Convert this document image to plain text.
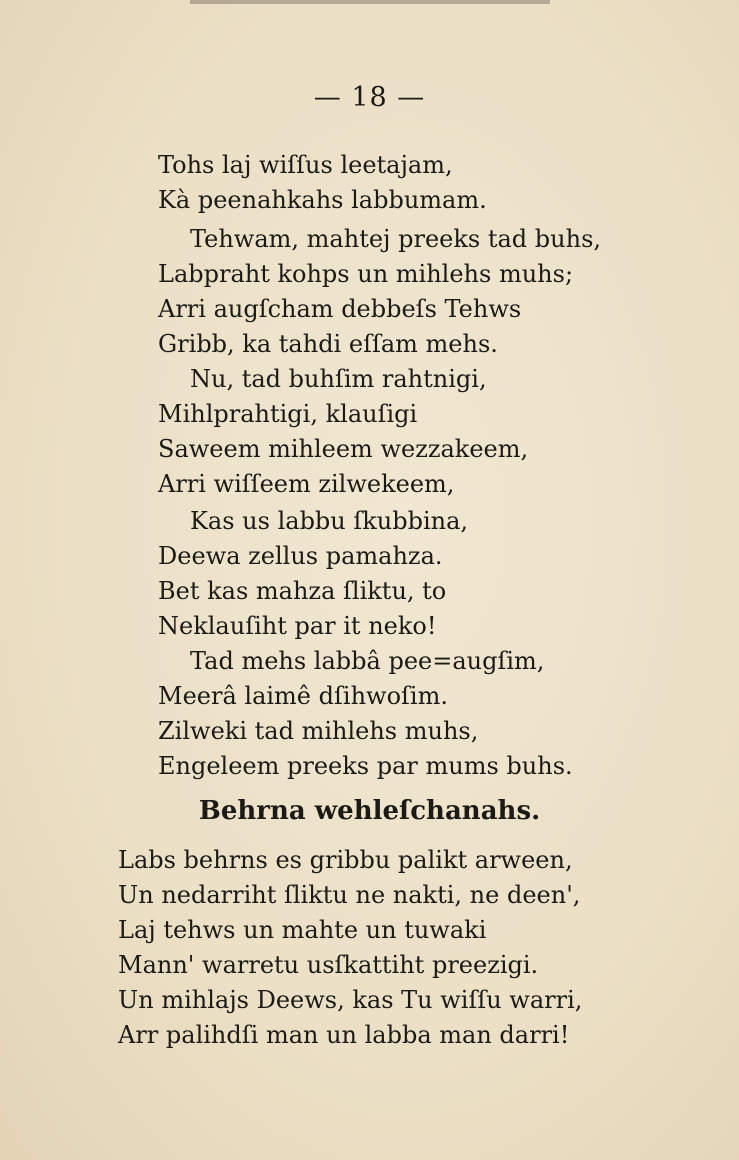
— 18 —
Tohs laj wiſſus leetajam,
Kà peenahkahs labbumam.
Tehwam, mahtej preeks tad buhs,
Labpraht kohps un mihlehs muhs;
Arri augſcham debbeſs Tehws
Gribb, ka tahdi eſſam mehs.
Nu, tad buhſim rahtnigi,
Mihlprahtigi, klauſigi
Saweem mihleem wezzakeem,
Arri wiſſeem zilwekeem,
Kas us labbu ſkubbina,
Deewa zellus pamahza.
Bet kas mahza ſliktu, to
Neklauſiht par it neko!
Tad mehs labbâ pee=augſim,
Meerâ laimê dſihwoſim.
Zilweki tad mihlehs muhs,
Engeleem preeks par mums buhs.
Behrna wehleſchanahs.
Labs behrns es gribbu palikt arween,
Un nedarriht ſliktu ne nakti, ne deen',
Laj tehws un mahte un tuwaki
Mann' warretu usſkattiht preezigi.
Un mihlajs Deews, kas Tu wiſſu warri,
Arr palihdſi man un labba man darri!
